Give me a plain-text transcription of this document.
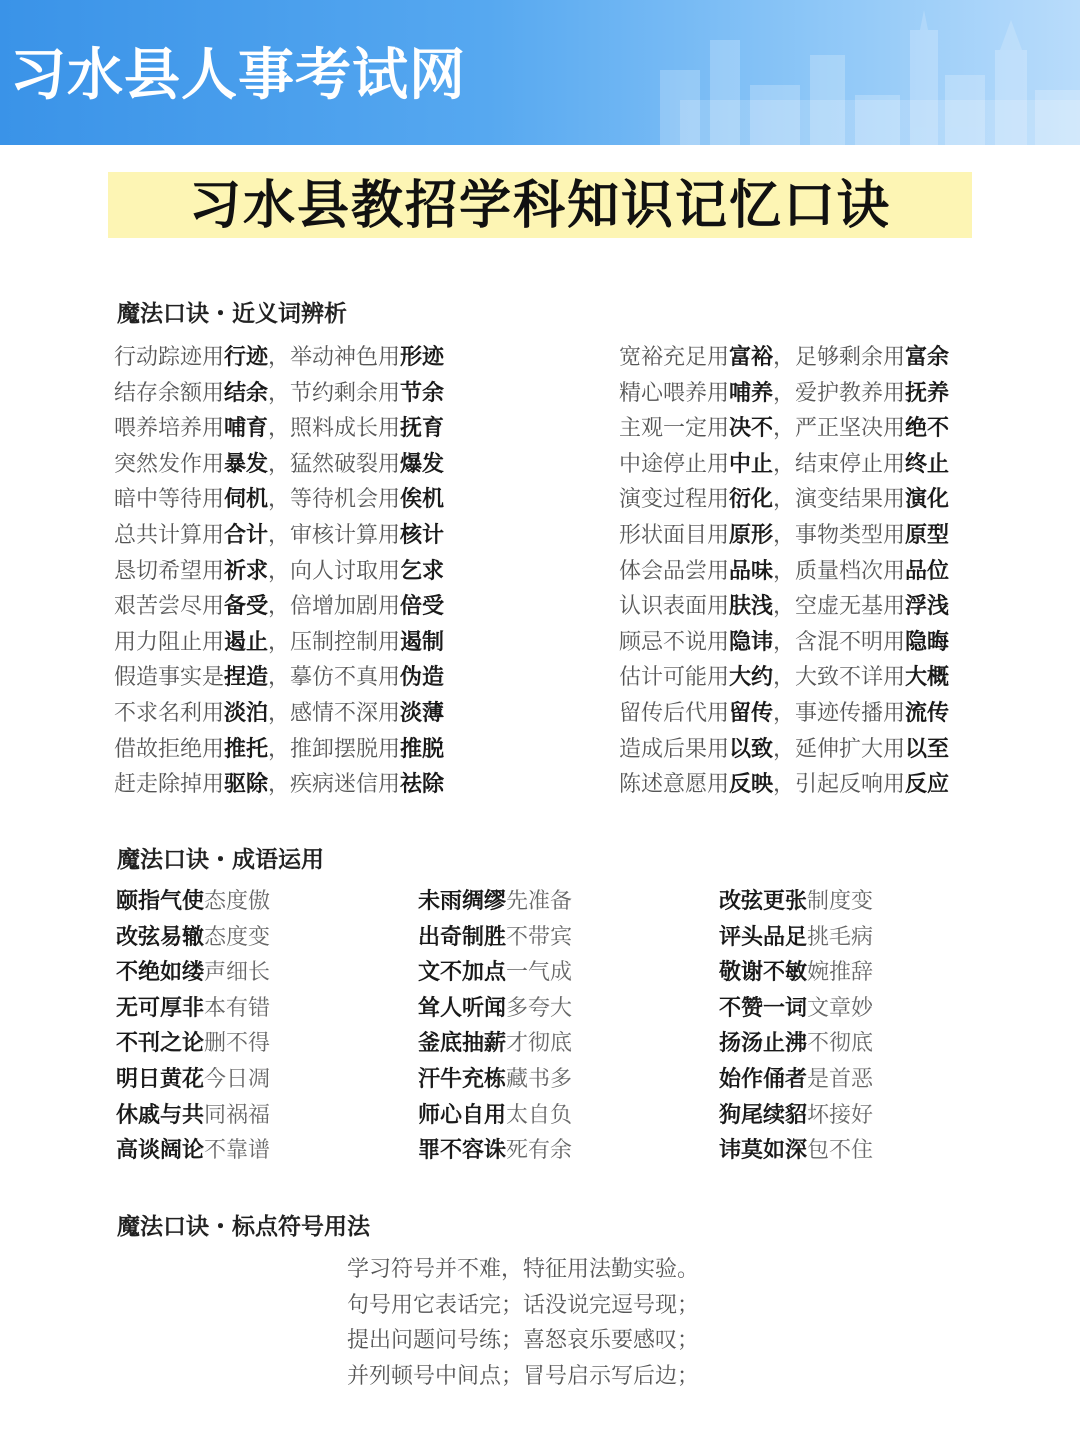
习水县人事考试网
习水县教招学科知识记忆口诀
魔法口诀・近义词辨析
行动踪迹用行迹，举动神色用形迹
结存余额用结余，节约剩余用节余
喂养培养用哺育，照料成长用抚育
突然发作用暴发，猛然破裂用爆发
暗中等待用伺机，等待机会用俟机
总共计算用合计，审核计算用核计
恳切希望用祈求，向人讨取用乞求
艰苦尝尽用备受，倍增加剧用倍受
用力阻止用遏止，压制控制用遏制
假造事实是捏造，摹仿不真用伪造
不求名利用淡泊，感情不深用淡薄
借故拒绝用推托，推卸摆脱用推脱
赶走除掉用驱除，疾病迷信用祛除
宽裕充足用富裕，足够剩余用富余
精心喂养用哺养，爱护教养用抚养
主观一定用决不，严正坚决用绝不
中途停止用中止，结束停止用终止
演变过程用衍化，演变结果用演化
形状面目用原形，事物类型用原型
体会品尝用品味，质量档次用品位
认识表面用肤浅，空虚无基用浮浅
顾忌不说用隐讳，含混不明用隐晦
估计可能用大约，大致不详用大概
留传后代用留传，事迹传播用流传
造成后果用以致，延伸扩大用以至
陈述意愿用反映，引起反响用反应
魔法口诀・成语运用
颐指气使态度傲
改弦易辙态度变
不绝如缕声细长
无可厚非本有错
不刊之论删不得
明日黄花今日凋
休戚与共同祸福
高谈阔论不靠谱
未雨绸缪先准备
出奇制胜不带宾
文不加点一气成
耸人听闻多夸大
釜底抽薪才彻底
汗牛充栋藏书多
师心自用太自负
罪不容诛死有余
改弦更张制度变
评头品足挑毛病
敬谢不敏婉推辞
不赞一词文章妙
扬汤止沸不彻底
始作俑者是首恶
狗尾续貂坏接好
讳莫如深包不住
魔法口诀・标点符号用法
学习符号并不难，特征用法勤实验。
句号用它表话完；话没说完逗号现；
提出问题问号练；喜怒哀乐要感叹；
并列顿号中间点；冒号启示写后边；
